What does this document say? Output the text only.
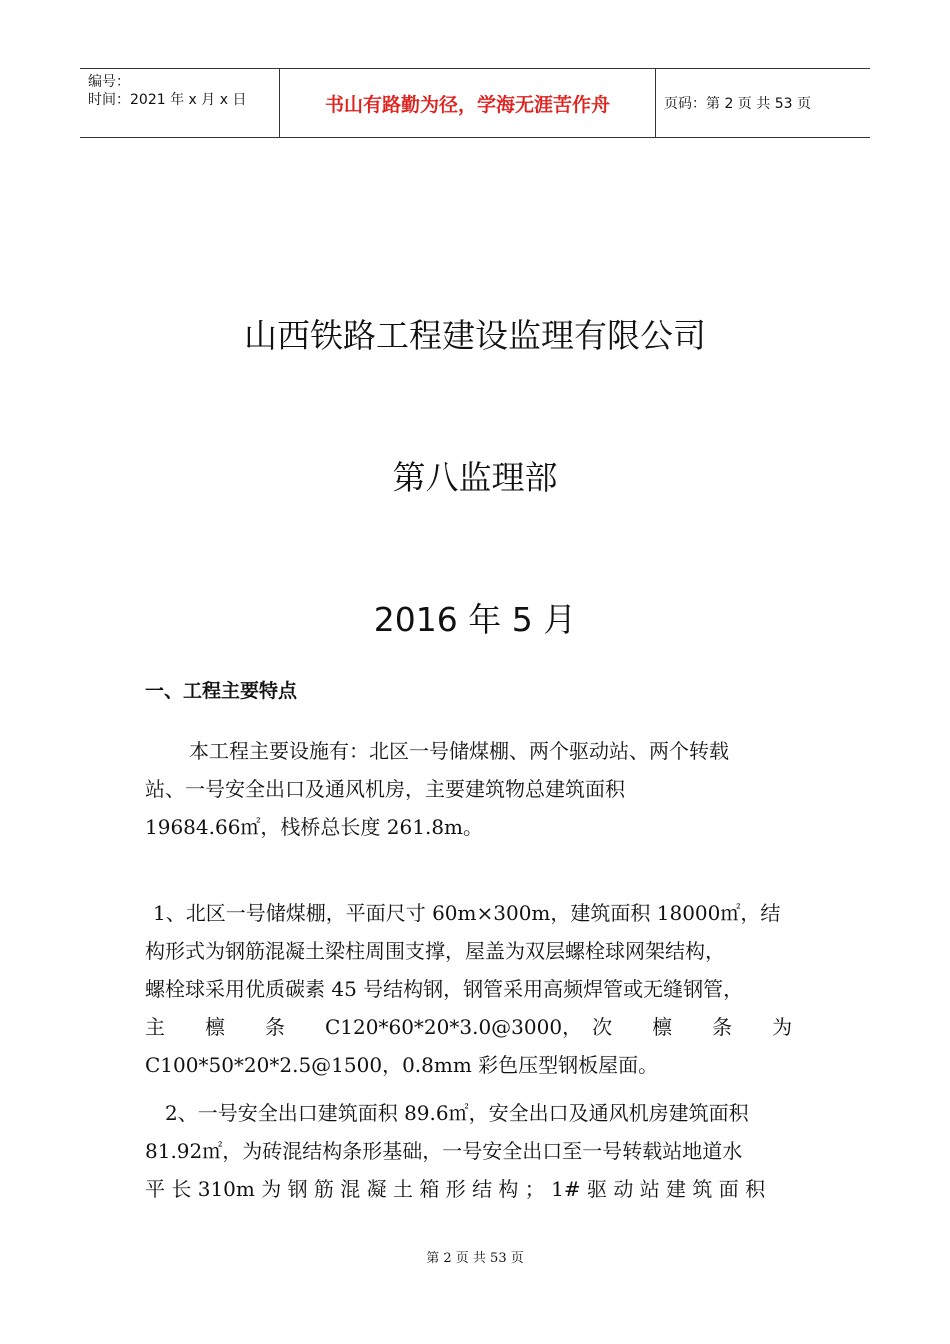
编号：
时间：2021 年 x 月 x 日	书山有路勤为径，学海无涯苦作舟	页码：第 2 页 共 53 页
山西铁路工程建设监理有限公司
第八监理部
2016 年 5 月
一、工程主要特点
本工程主要设施有：北区一号储煤棚、两个驱动站、两个转载
站、一号安全出口及通风机房，主要建筑物总建筑面积
19684.66㎡，栈桥总长度 261.8m。
1、北区一号储煤棚，平面尺寸 60m×300m，建筑面积 18000㎡，结
构形式为钢筋混凝土梁柱周围支撑，屋盖为双层螺栓球网架结构，
螺栓球采用优质碳素 45 号结构钢，钢管采用高频焊管或无缝钢管，
主　　檩　　条　　C120*60*20*3.0@3000，　次　　檩　　条　　为
C100*50*20*2.5@1500，0.8mm 彩色压型钢板屋面。
2、一号安全出口建筑面积 89.6㎡，安全出口及通风机房建筑面积
81.92㎡，为砖混结构条形基础，一号安全出口至一号转载站地道水
平 长 310m 为 钢 筋 混 凝 土 箱 形 结 构 ； 1# 驱 动 站 建 筑 面 积
第 2 页 共 53 页
